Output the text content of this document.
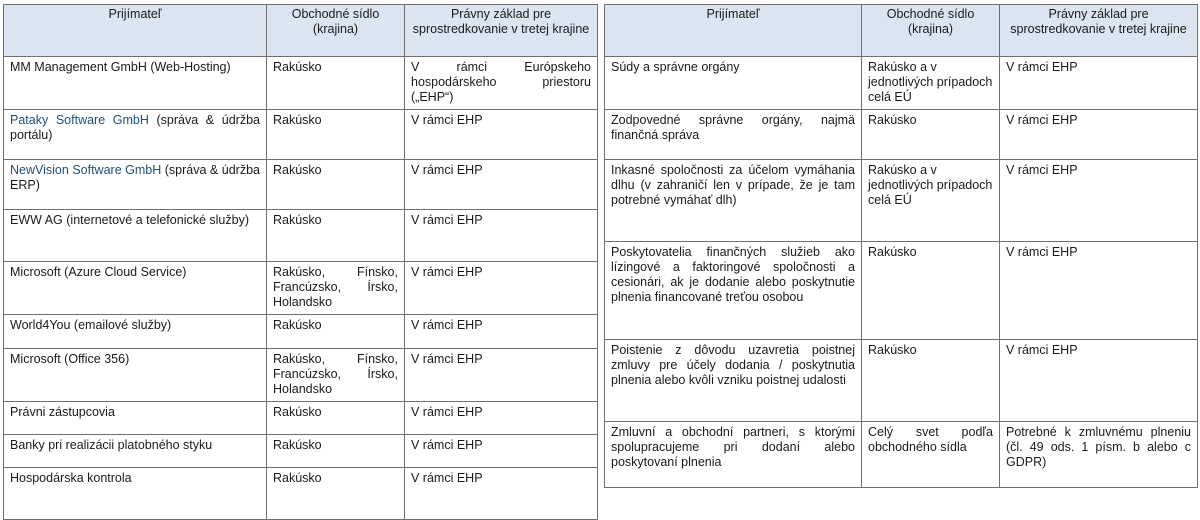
Prijímateľ	Obchodné sídlo (krajina)	Právny základ pre sprostredkovanie v tretej krajine
MM Management GmbH (Web-Hosting)	Rakúsko	V rámci Európskeho hospodárskeho priestoru („EHP“)
Pataky Software GmbH (správa & údržba portálu)	Rakúsko	V rámci EHP
NewVision Software GmbH (správa & údržba ERP)	Rakúsko	V rámci EHP
EWW AG (internetové a telefonické služby)	Rakúsko	V rámci EHP
Microsoft (Azure Cloud Service)	Rakúsko, Fínsko, Francúzsko, Írsko, Holandsko	V rámci EHP
World4You (emailové služby)	Rakúsko	V rámci EHP
Microsoft (Office 356)	Rakúsko, Fínsko, Francúzsko, Írsko, Holandsko	V rámci EHP
Právni zástupcovia	Rakúsko	V rámci EHP
Banky pri realizácii platobného styku	Rakúsko	V rámci EHP
Hospodárska kontrola	Rakúsko	V rámci EHP
Prijímateľ	Obchodné sídlo (krajina)	Právny základ pre sprostredkovanie v tretej krajine
Súdy a správne orgány	Rakúsko a v jednotlivých prípadoch celá EÚ	V rámci EHP
Zodpovedné správne orgány, najmä finančná správa	Rakúsko	V rámci EHP
Inkasné spoločnosti za účelom vymáhania dlhu (v zahraničí len v prípade, že je tam potrebné vymáhať dlh)	Rakúsko a v jednotlivých prípadoch celá EÚ	V rámci EHP
Poskytovatelia finančných služieb ako lízingové a faktoringové spoločnosti a cesionári, ak je dodanie alebo poskytnutie plnenia financované treťou osobou	Rakúsko	V rámci EHP
Poistenie z dôvodu uzavretia poistnej zmluvy pre účely dodania / poskytnutia plnenia alebo kvôli vzniku poistnej udalosti	Rakúsko	V rámci EHP
Zmluvní a obchodní partneri, s ktorými spolupracujeme pri dodaní alebo poskytovaní plnenia	Celý svet podľa obchodného sídla	Potrebné k zmluvnému plneniu (čl. 49 ods. 1 písm. b alebo c GDPR)
